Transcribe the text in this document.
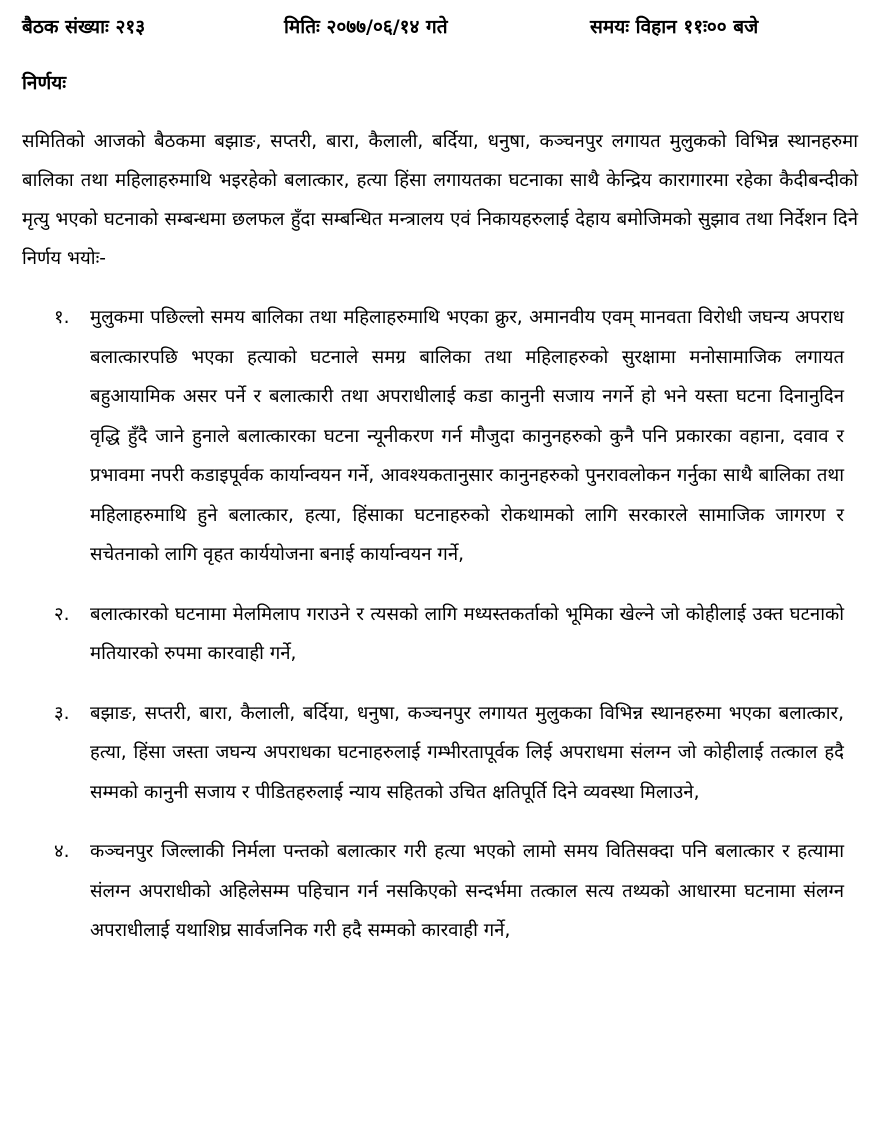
बैठक संख्याः २१३	मितिः २०७७/०६/१४ गते	समयः विहान ११ः०० बजे
निर्णयः

समितिको आजको बैठकमा बझाङ, सप्तरी, बारा, कैलाली, बर्दिया, धनुषा, कञ्चनपुर लगायत मुलुकको विभिन्न स्थानहरुमा बालिका तथा महिलाहरुमाथि भइरहेको बलात्कार, हत्या हिंसा लगायतका घटनाका साथै केन्द्रिय कारागारमा रहेका कैदीबन्दीको मृत्यु भएको घटनाको सम्बन्धमा छलफल हुँदा सम्बन्धित मन्त्रालय एवं निकायहरुलाई देहाय बमोजिमको सुझाव तथा निर्देशन दिने निर्णय भयोः-

१. मुलुकमा पछिल्लो समय बालिका तथा महिलाहरुमाथि भएका क्रुर, अमानवीय एवम् मानवता विरोधी जघन्य अपराध बलात्कारपछि भएका हत्याको घटनाले समग्र बालिका तथा महिलाहरुको सुरक्षामा मनोसामाजिक लगायत बहुआयामिक असर पर्ने र बलात्कारी तथा अपराधीलाई कडा कानुनी सजाय नगर्ने हो भने यस्ता घटना दिनानुदिन वृद्धि हुँदै जाने हुनाले बलात्कारका घटना न्यूनीकरण गर्न मौजुदा कानुनहरुको कुनै पनि प्रकारका वहाना, दवाव र प्रभावमा नपरी कडाइपूर्वक कार्यान्वयन गर्ने, आवश्यकतानुसार कानुनहरुको पुनरावलोकन गर्नुका साथै बालिका तथा महिलाहरुमाथि हुने बलात्कार, हत्या, हिंसाका घटनाहरुको रोकथामको लागि सरकारले सामाजिक जागरण र सचेतनाको लागि वृहत कार्ययोजना बनाई कार्यान्वयन गर्ने,
२. बलात्कारको घटनामा मेलमिलाप गराउने र त्यसको लागि मध्यस्तकर्ताको भूमिका खेल्ने जो कोहीलाई उक्त घटनाको मतियारको रुपमा कारवाही गर्ने,
३. बझाङ, सप्तरी, बारा, कैलाली, बर्दिया, धनुषा, कञ्चनपुर लगायत मुलुकका विभिन्न स्थानहरुमा भएका बलात्कार, हत्या, हिंसा जस्ता जघन्य अपराधका घटनाहरुलाई गम्भीरतापूर्वक लिई अपराधमा संलग्न जो कोहीलाई तत्काल हदै सम्मको कानुनी सजाय र पीडितहरुलाई न्याय सहितको उचित क्षतिपूर्ति दिने व्यवस्था मिलाउने,
४. कञ्चनपुर जिल्लाकी निर्मला पन्तको बलात्कार गरी हत्या भएको लामो समय वितिसक्दा पनि बलात्कार र हत्यामा संलग्न अपराधीको अहिलेसम्म पहिचान गर्न नसकिएको सन्दर्भमा तत्काल सत्य तथ्यको आधारमा घटनामा संलग्न अपराधीलाई यथाशिघ्र सार्वजनिक गरी हदै सम्मको कारवाही गर्ने,
